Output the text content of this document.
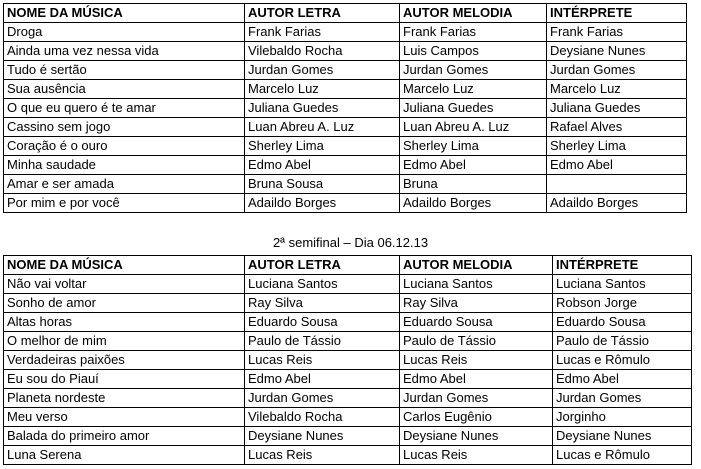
NOME DA MÚSICA	AUTOR LETRA	AUTOR MELODIA	INTÉRPRETE
Droga	Frank Farias	Frank Farias	Frank Farias
Ainda uma vez nessa vida	Vilebaldo Rocha	Luis Campos	Deysiane Nunes
Tudo é sertão	Jurdan Gomes	Jurdan Gomes	Jurdan Gomes
Sua ausência	Marcelo Luz	Marcelo Luz	Marcelo Luz
O que eu quero é te amar	Juliana Guedes	Juliana Guedes	Juliana Guedes
Cassino sem jogo	Luan Abreu A. Luz	Luan Abreu A. Luz	Rafael Alves
Coração é o ouro	Sherley Lima	Sherley Lima	Sherley Lima
Minha saudade	Edmo Abel	Edmo Abel	Edmo Abel
Amar e ser amada	Bruna Sousa	Bruna	
Por mim e por você	Adaildo Borges	Adaildo Borges	Adaildo Borges
2ª semifinal – Dia 06.12.13
NOME DA MÚSICA	AUTOR LETRA	AUTOR MELODIA	INTÉRPRETE
Não vai voltar	Luciana Santos	Luciana Santos	Luciana Santos
Sonho de amor	Ray Silva	Ray Silva	Robson Jorge
Altas horas	Eduardo Sousa	Eduardo Sousa	Eduardo Sousa
O melhor de mim	Paulo de Tássio	Paulo de Tássio	Paulo de Tássio
Verdadeiras paixões	Lucas Reis	Lucas Reis	Lucas e Rômulo
Eu sou do Piauí	Edmo Abel	Edmo Abel	Edmo Abel
Planeta nordeste	Jurdan Gomes	Jurdan Gomes	Jurdan Gomes
Meu verso	Vilebaldo Rocha	Carlos Eugênio	Jorginho
Balada do primeiro amor	Deysiane Nunes	Deysiane Nunes	Deysiane Nunes
Luna Serena	Lucas Reis	Lucas Reis	Lucas e Rômulo
